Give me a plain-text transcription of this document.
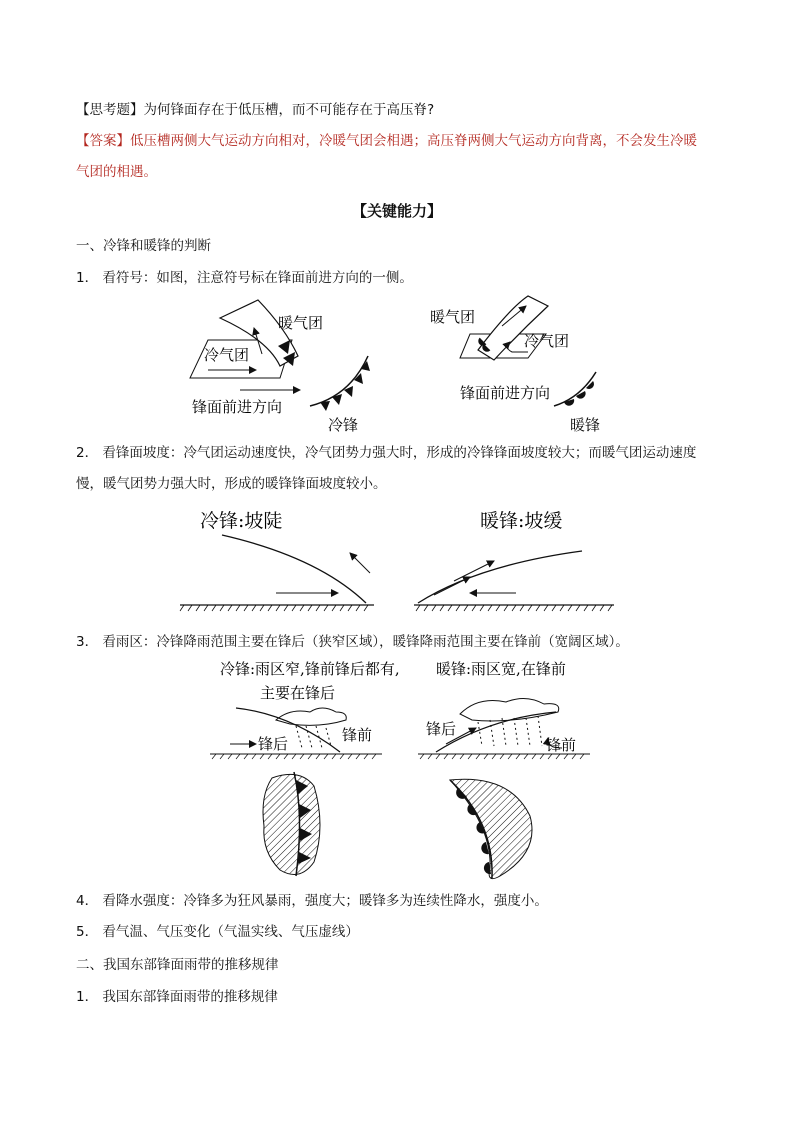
【思考题】为何锋面存在于低压槽，而不可能存在于高压脊?
【答案】低压槽两侧大气运动方向相对，冷暖气团会相遇；高压脊两侧大气运动方向背离，不会发生冷暖
气团的相遇。
【关键能力】
一、冷锋和暖锋的判断
1． 看符号：如图，注意符号标在锋面前进方向的一侧。
暖气团
冷气团
锋面前进方向
冷锋
暖气团
冷气团
锋面前进方向
暖锋
2． 看锋面坡度：冷气团运动速度快，冷气团势力强大时，形成的冷锋锋面坡度较大；而暖气团运动速度
慢，暖气团势力强大时，形成的暖锋锋面坡度较小。
冷锋:坡陡	暖锋:坡缓
3． 看雨区：冷锋降雨范围主要在锋后（狭窄区域），暖锋降雨范围主要在锋前（宽阔区域）。
冷锋:雨区窄,锋前锋后都有, 暖锋:雨区宽,在锋前
主要在锋后
锋后	锋前	锋后
锋前
4． 看降水强度：冷锋多为狂风暴雨，强度大；暖锋多为连续性降水，强度小。
5． 看气温、气压变化（气温实线、气压虚线）
二、我国东部锋面雨带的推移规律
1． 我国东部锋面雨带的推移规律
